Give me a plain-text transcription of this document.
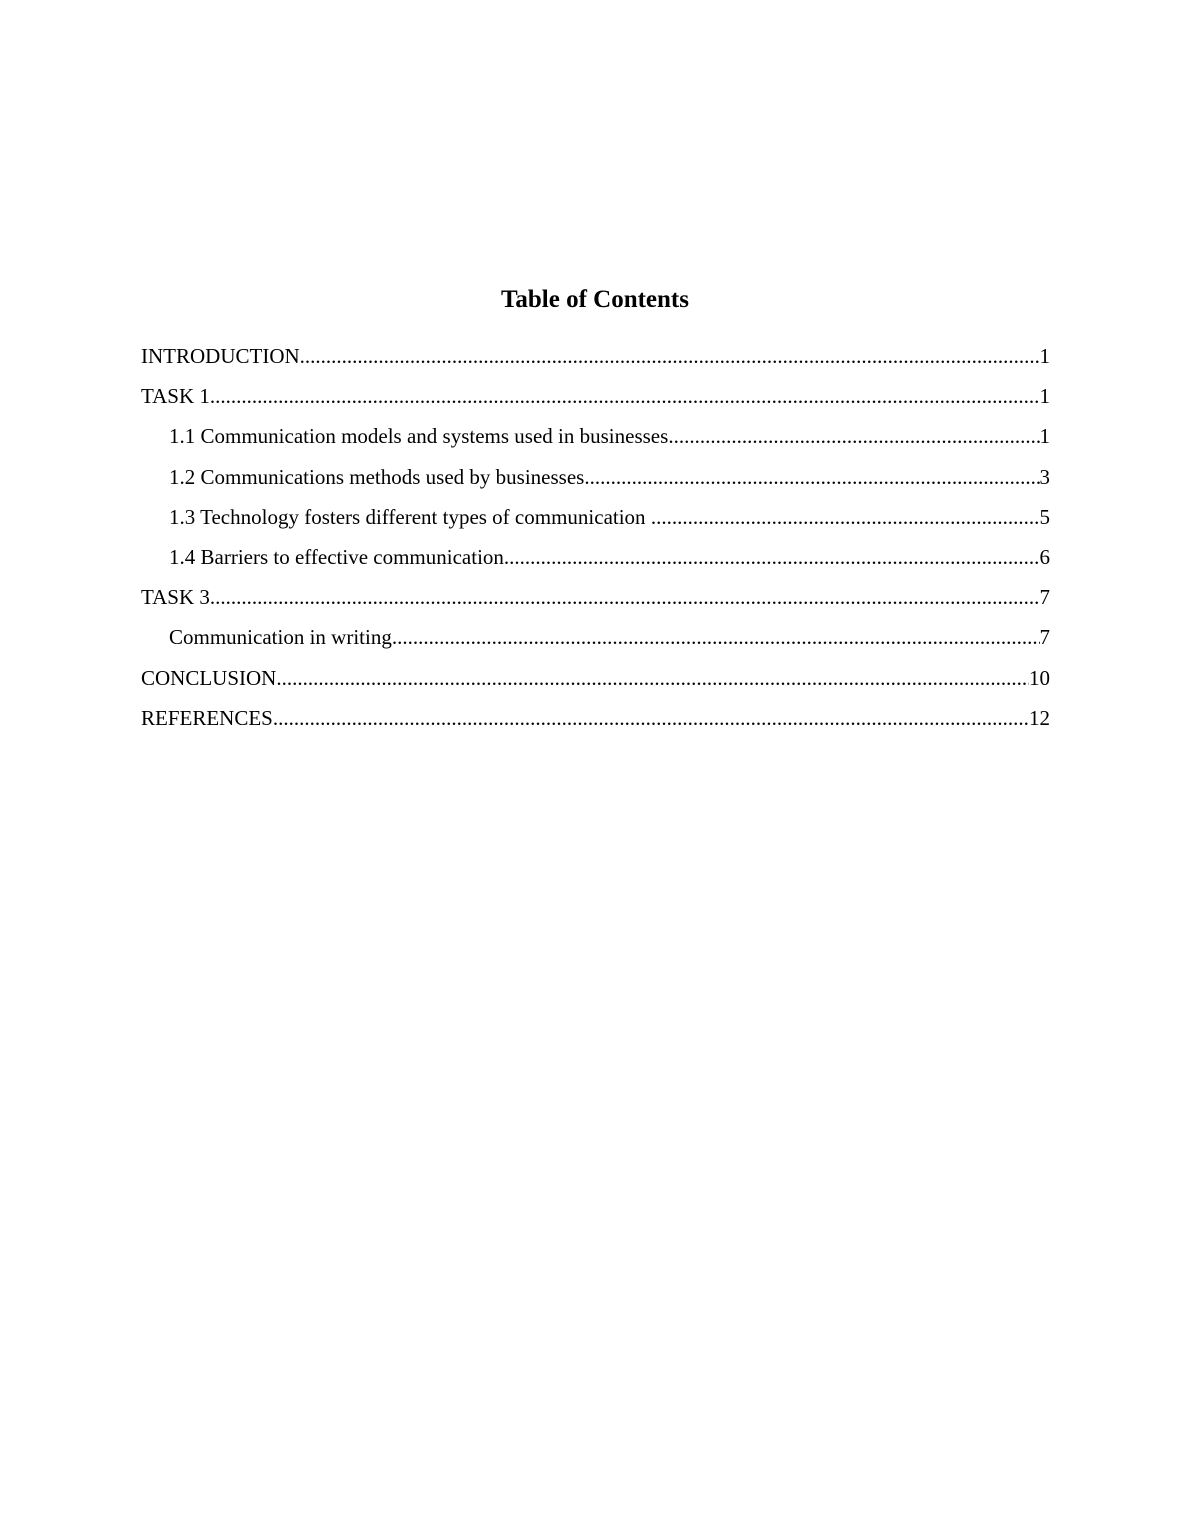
Table of Contents
INTRODUCTION .....	1
TASK 1 .....	1
1.1 Communication models and systems used in businesses .....	1
1.2 Communications methods used by businesses .....	3
1.3 Technology fosters different types of communication .....	5
1.4 Barriers to effective communication .....	6
TASK 3 .....	7
Communication in writing .....	7
CONCLUSION .....	10
REFERENCES .....	12
